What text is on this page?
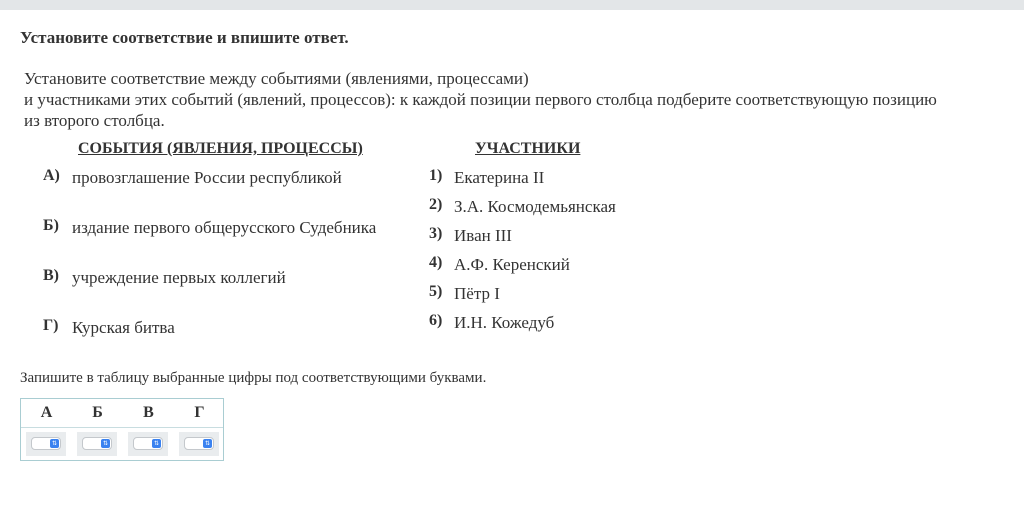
Установите соответствие и впишите ответ.
Установите соответствие между событиями (явлениями, процессами)
и участниками этих событий (явлений, процессов): к каждой позиции первого столбца подберите соответствующую позицию
из второго столбца.
СОБЫТИЯ (ЯВЛЕНИЯ, ПРОЦЕССЫ)	УЧАСТНИКИ
А) провозглашение России республикой
Б) издание первого общерусского Судебника
В) учреждение первых коллегий
Г) Курская битва
1) Екатерина II
2) З.А. Космодемьянская
3) Иван III
4) А.Ф. Керенский
5) Пётр I
6) И.Н. Кожедуб
Запишите в таблицу выбранные цифры под соответствующими буквами.
А	Б	В	Г
⇅	⇅	⇅	⇅
